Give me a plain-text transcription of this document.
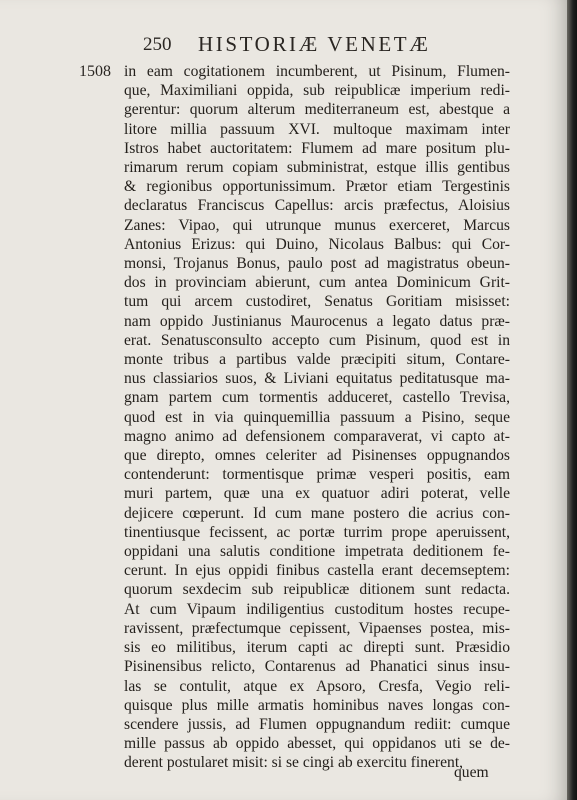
250 HISTORIÆ VENETÆ
1508 in eam cogitationem incumberent, ut Pisinum, Flumen-
que, Maximiliani oppida, sub reipublicæ imperium redi-
gerentur: quorum alterum mediterraneum est, abestque a
litore millia passuum XVI. multoque maximam inter
Istros habet auctoritatem: Flumem ad mare positum plu-
rimarum rerum copiam subministrat, estque illis gentibus
& regionibus opportunissimum. Prætor etiam Tergestinis
declaratus Franciscus Capellus: arcis præfectus, Aloisius
Zanes: Vipao, qui utrunque munus exerceret, Marcus
Antonius Erizus: qui Duino, Nicolaus Balbus: qui Cor-
monsi, Trojanus Bonus, paulo post ad magistratus obeun-
dos in provinciam abierunt, cum antea Dominicum Grit-
tum qui arcem custodiret, Senatus Goritiam misisset:
nam oppido Justinianus Maurocenus a legato datus præ-
erat. Senatusconsulto accepto cum Pisinum, quod est in
monte tribus a partibus valde præcipiti situm, Contare-
nus classiarios suos, & Liviani equitatus peditatusque ma-
gnam partem cum tormentis adduceret, castello Trevisa,
quod est in via quinquemillia passuum a Pisino, seque
magno animo ad defensionem comparaverat, vi capto at-
que direpto, omnes celeriter ad Pisinenses oppugnandos
contenderunt: tormentisque primæ vesperi positis, eam
muri partem, quæ una ex quatuor adiri poterat, velle
dejicere cœperunt. Id cum mane postero die acrius con-
tinentiusque fecissent, ac portæ turrim prope aperuissent,
oppidani una salutis conditione impetrata deditionem fe-
cerunt. In ejus oppidi finibus castella erant decemseptem:
quorum sexdecim sub reipublicæ ditionem sunt redacta.
At cum Vipaum indiligentius custoditum hostes recupe-
ravissent, præfectumque cepissent, Vipaenses postea, mis-
sis eo militibus, iterum capti ac direpti sunt. Præsidio
Pisinensibus relicto, Contarenus ad Phanatici sinus insu-
las se contulit, atque ex Apsoro, Cresfa, Vegio reli-
quisque plus mille armatis hominibus naves longas con-
scendere jussis, ad Flumen oppugnandum rediit: cumque
mille passus ab oppido abesset, qui oppidanos uti se de-
derent postularet misit: si se cingi ab exercitu finerent,
quem
